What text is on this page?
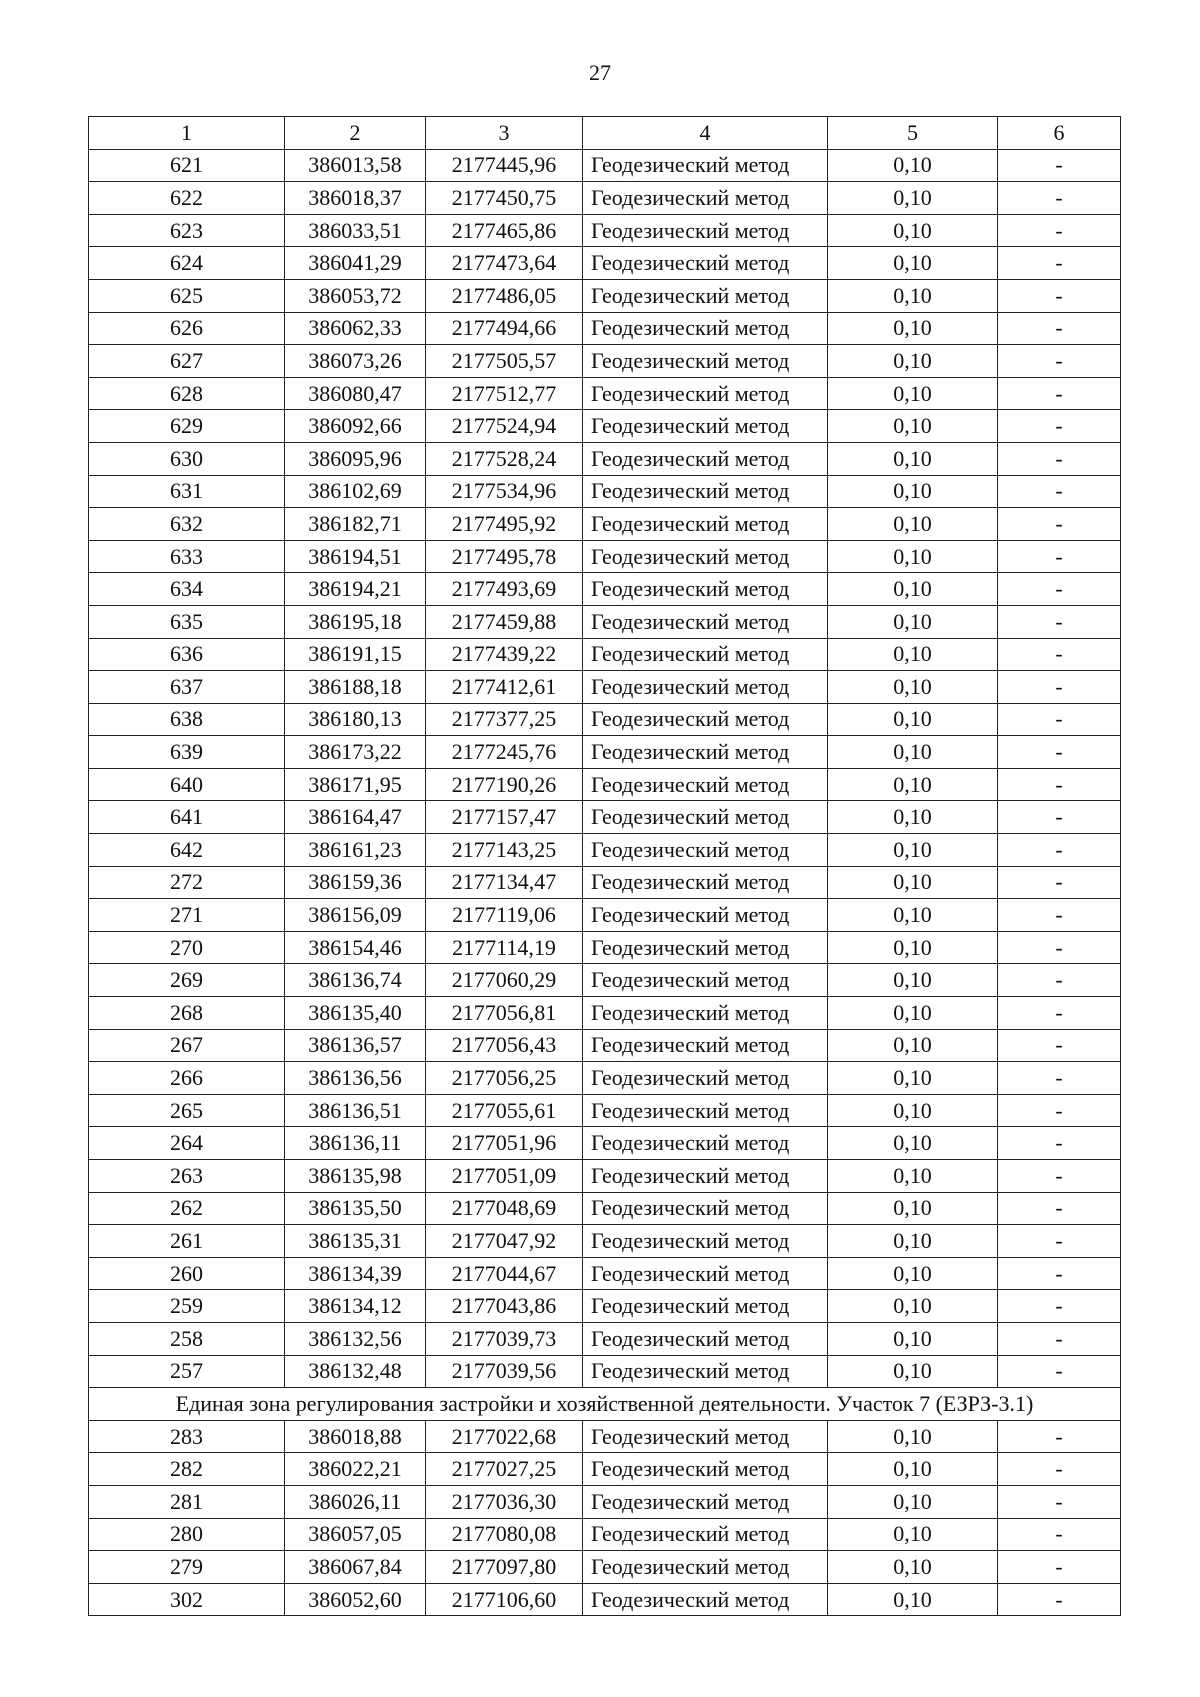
27
1	2	3	4	5	6
621	386013,58	2177445,96	Геодезический метод	0,10	-
622	386018,37	2177450,75	Геодезический метод	0,10	-
623	386033,51	2177465,86	Геодезический метод	0,10	-
624	386041,29	2177473,64	Геодезический метод	0,10	-
625	386053,72	2177486,05	Геодезический метод	0,10	-
626	386062,33	2177494,66	Геодезический метод	0,10	-
627	386073,26	2177505,57	Геодезический метод	0,10	-
628	386080,47	2177512,77	Геодезический метод	0,10	-
629	386092,66	2177524,94	Геодезический метод	0,10	-
630	386095,96	2177528,24	Геодезический метод	0,10	-
631	386102,69	2177534,96	Геодезический метод	0,10	-
632	386182,71	2177495,92	Геодезический метод	0,10	-
633	386194,51	2177495,78	Геодезический метод	0,10	-
634	386194,21	2177493,69	Геодезический метод	0,10	-
635	386195,18	2177459,88	Геодезический метод	0,10	-
636	386191,15	2177439,22	Геодезический метод	0,10	-
637	386188,18	2177412,61	Геодезический метод	0,10	-
638	386180,13	2177377,25	Геодезический метод	0,10	-
639	386173,22	2177245,76	Геодезический метод	0,10	-
640	386171,95	2177190,26	Геодезический метод	0,10	-
641	386164,47	2177157,47	Геодезический метод	0,10	-
642	386161,23	2177143,25	Геодезический метод	0,10	-
272	386159,36	2177134,47	Геодезический метод	0,10	-
271	386156,09	2177119,06	Геодезический метод	0,10	-
270	386154,46	2177114,19	Геодезический метод	0,10	-
269	386136,74	2177060,29	Геодезический метод	0,10	-
268	386135,40	2177056,81	Геодезический метод	0,10	-
267	386136,57	2177056,43	Геодезический метод	0,10	-
266	386136,56	2177056,25	Геодезический метод	0,10	-
265	386136,51	2177055,61	Геодезический метод	0,10	-
264	386136,11	2177051,96	Геодезический метод	0,10	-
263	386135,98	2177051,09	Геодезический метод	0,10	-
262	386135,50	2177048,69	Геодезический метод	0,10	-
261	386135,31	2177047,92	Геодезический метод	0,10	-
260	386134,39	2177044,67	Геодезический метод	0,10	-
259	386134,12	2177043,86	Геодезический метод	0,10	-
258	386132,56	2177039,73	Геодезический метод	0,10	-
257	386132,48	2177039,56	Геодезический метод	0,10	-
Единая зона регулирования застройки и хозяйственной деятельности. Участок 7 (ЕЗРЗ-3.1)					
283	386018,88	2177022,68	Геодезический метод	0,10	-
282	386022,21	2177027,25	Геодезический метод	0,10	-
281	386026,11	2177036,30	Геодезический метод	0,10	-
280	386057,05	2177080,08	Геодезический метод	0,10	-
279	386067,84	2177097,80	Геодезический метод	0,10	-
302	386052,60	2177106,60	Геодезический метод	0,10	-
